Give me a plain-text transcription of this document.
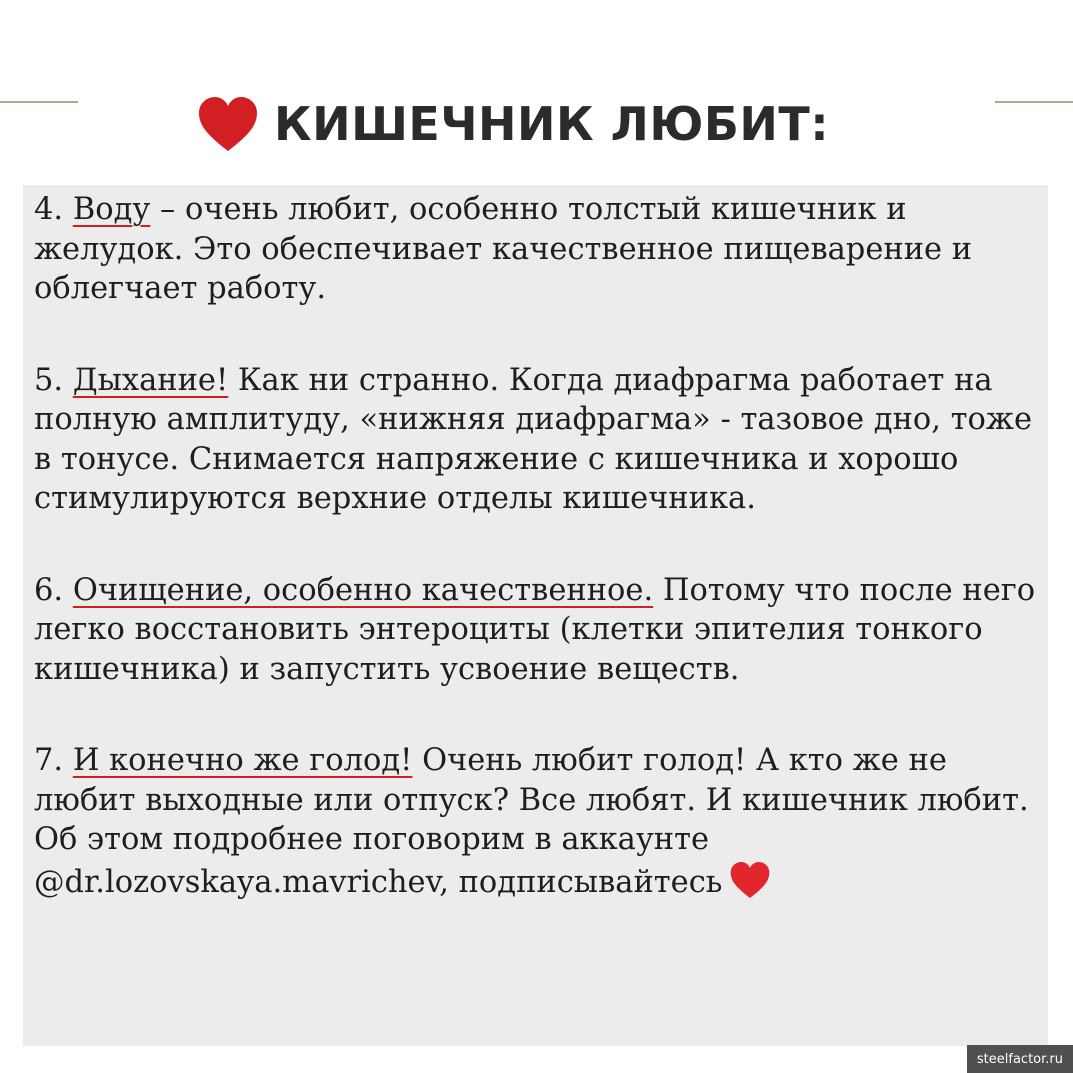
КИШЕЧНИК ЛЮБИТ:

4. Воду – очень любит, особенно толстый кишечник и желудок. Это обеспечивает качественное пищеварение и облегчает работу.

5. Дыхание! Как ни странно. Когда диафрагма работает на полную амплитуду, «нижняя диафрагма» - тазовое дно, тоже в тонусе. Снимается напряжение с кишечника и хорошо стимулируются верхние отделы кишечника.

6. Очищение, особенно качественное. Потому что после него легко восстановить энтероциты (клетки эпителия тонкого кишечника) и запустить усвоение веществ.

7. И конечно же голод! Очень любит голод! А кто же не любит выходные или отпуск? Все любят. И кишечник любит. Об этом подробнее поговорим в аккаунте @dr.lozovskaya.mavrichev, подписывайтесь

steelfactor.ru
